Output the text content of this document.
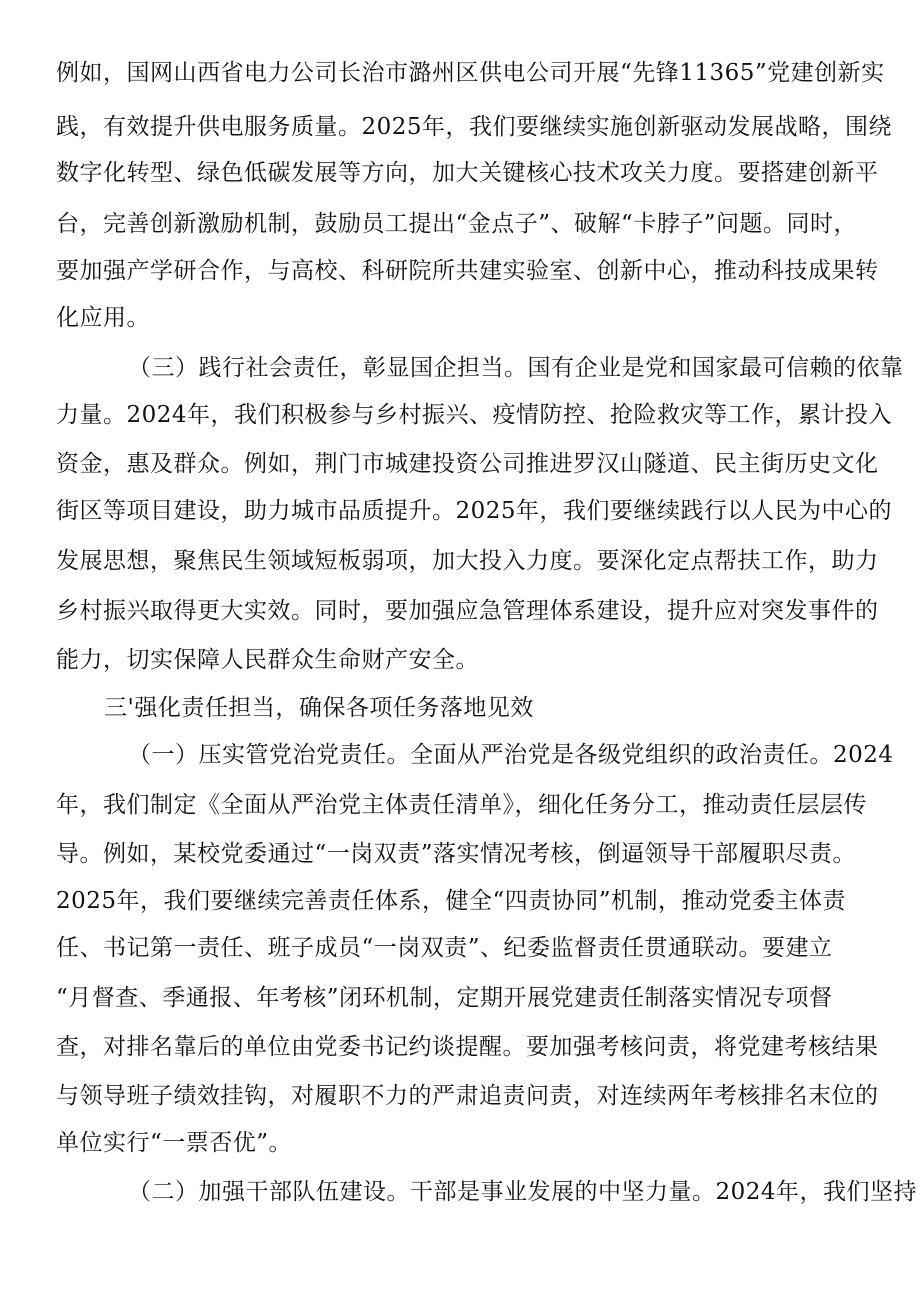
例如，国网山西省电力公司长治市潞州区供电公司开展“先锋11365”党建创新实
践，有效提升供电服务质量。2025年，我们要继续实施创新驱动发展战略，围绕
数字化转型、绿色低碳发展等方向，加大关键核心技术攻关力度。要搭建创新平
台，完善创新激励机制，鼓励员工提出“金点子”、破解“卡脖子”问题。同时，
要加强产学研合作，与高校、科研院所共建实验室、创新中心，推动科技成果转
化应用。
（三）践行社会责任，彰显国企担当。国有企业是党和国家最可信赖的依靠
力量。2024年，我们积极参与乡村振兴、疫情防控、抢险救灾等工作，累计投入
资金，惠及群众。例如，荆门市城建投资公司推进罗汉山隧道、民主街历史文化
街区等项目建设，助力城市品质提升。2025年，我们要继续践行以人民为中心的
发展思想，聚焦民生领域短板弱项，加大投入力度。要深化定点帮扶工作，助力
乡村振兴取得更大实效。同时，要加强应急管理体系建设，提升应对突发事件的
能力，切实保障人民群众生命财产安全。
三'强化责任担当，确保各项任务落地见效
（一）压实管党治党责任。全面从严治党是各级党组织的政治责任。2024
年，我们制定《全面从严治党主体责任清单》，细化任务分工，推动责任层层传
导。例如，某校党委通过“一岗双责”落实情况考核，倒逼领导干部履职尽责。
2025年，我们要继续完善责任体系，健全“四责协同”机制，推动党委主体责
任、书记第一责任、班子成员“一岗双责”、纪委监督责任贯通联动。要建立
“月督查、季通报、年考核”闭环机制，定期开展党建责任制落实情况专项督
查，对排名靠后的单位由党委书记约谈提醒。要加强考核问责，将党建考核结果
与领导班子绩效挂钩，对履职不力的严肃追责问责，对连续两年考核排名末位的
单位实行“一票否优”。
（二）加强干部队伍建设。干部是事业发展的中坚力量。2024年，我们坚持
